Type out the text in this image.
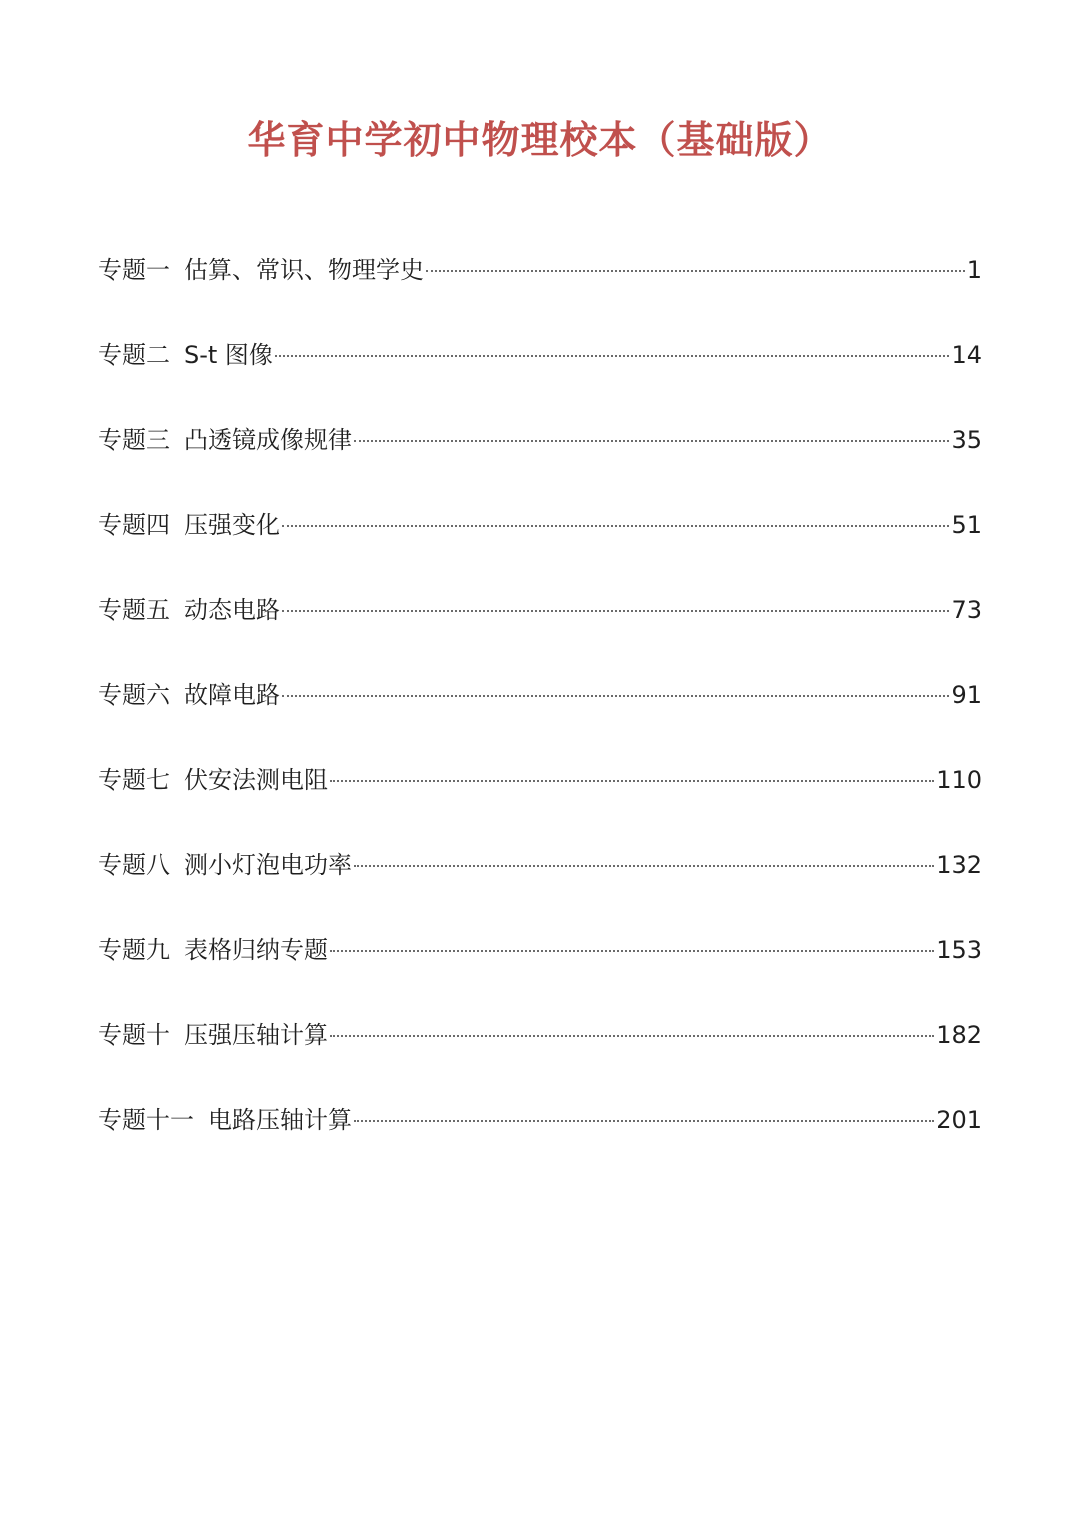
华育中学初中物理校本（基础版）
专题一 估算、常识、物理学史	1
专题二 S-t 图像	14
专题三 凸透镜成像规律	35
专题四 压强变化	51
专题五 动态电路	73
专题六 故障电路	91
专题七 伏安法测电阻	110
专题八 测小灯泡电功率	132
专题九 表格归纳专题	153
专题十 压强压轴计算	182
专题十一 电路压轴计算	201
